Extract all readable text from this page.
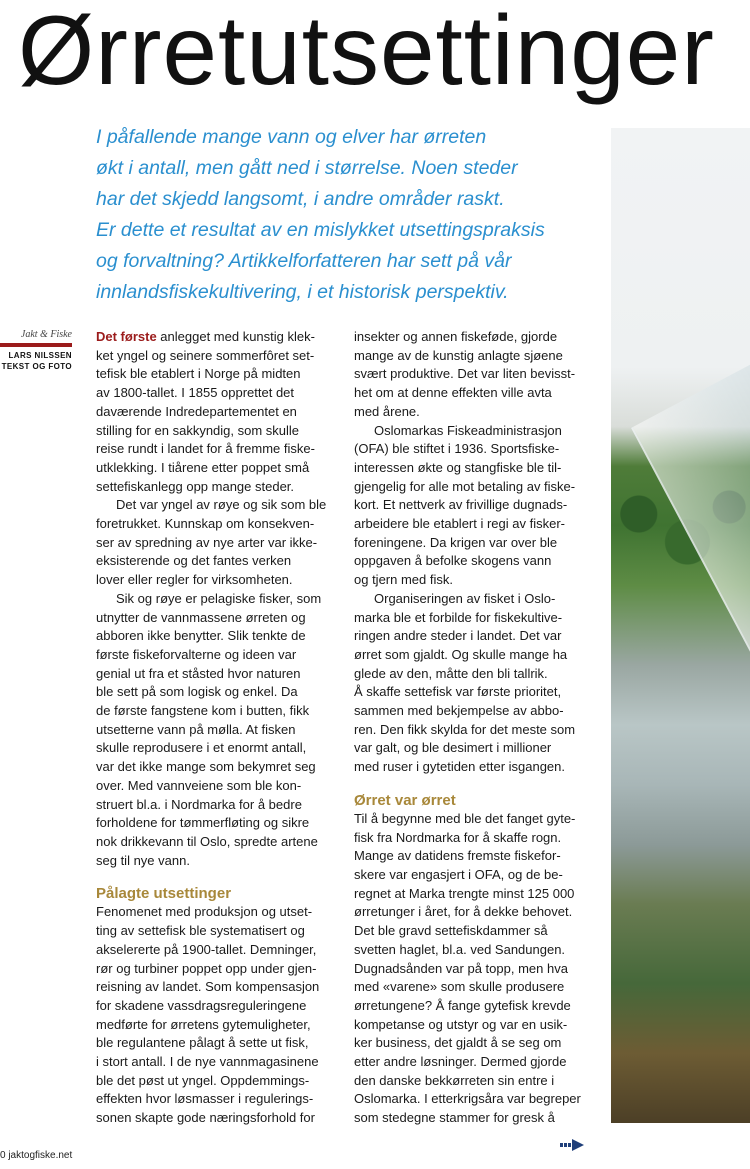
Ørretutsettinger
I påfallende mange vann og elver har ørreten
økt i antall, men gått ned i størrelse. Noen steder
har det skjedd langsomt, i andre områder raskt.
Er dette et resultat av en mislykket utsettingspraksis
og forvaltning? Artikkelforfatteren har sett på vår
innlandsfiskekultivering, i et historisk perspektiv.
Jakt & Fiske
LARS NILSSEN
TEKST OG FOTO

Det første anlegget med kunstig klek-
ket yngel og seinere sommerfôret set-
tefisk ble etablert i Norge på midten
av 1800-tallet. I 1855 opprettet det
daværende Indredepartementet en
stilling for en sakkyndig, som skulle
reise rundt i landet for å fremme fiske-
utklekking. I tiårene etter poppet små
settefiskanlegg opp mange steder.

Det var yngel av røye og sik som ble
foretrukket. Kunnskap om konsekven-
ser av spredning av nye arter var ikke-
eksisterende og det fantes verken
lover eller regler for virksomheten.

Sik og røye er pelagiske fisker, som
utnytter de vannmassene ørreten og
abboren ikke benytter. Slik tenkte de
første fiskeforvalterne og ideen var
genial ut fra et ståsted hvor naturen
ble sett på som logisk og enkel. Da
de første fangstene kom i butten, fikk
utsetterne vann på mølla. At fisken
skulle reprodusere i et enormt antall,
var det ikke mange som bekymret seg
over. Med vannveiene som ble kon-
struert bl.a. i Nordmarka for å bedre
forholdene for tømmerfløting og sikre
nok drikkevann til Oslo, spredte artene
seg til nye vann.

Pålagte utsettinger

Fenomenet med produksjon og utset-
ting av settefisk ble systematisert og
akselererte på 1900-tallet. Demninger,
rør og turbiner poppet opp under gjen-
reisning av landet. Som kompensasjon
for skadene vassdragsreguleringene
medførte for ørretens gytemuligheter,
ble regulantene pålagt å sette ut fisk,
i stort antall. I de nye vannmagasinene
ble det pøst ut yngel. Oppdemmings-
effekten hvor løsmasser i regulerings-
sonen skapte gode næringsforhold for

insekter og annen fiskeføde, gjorde
mange av de kunstig anlagte sjøene
svært produktive. Det var liten bevisst-
het om at denne effekten ville avta
med årene.

Oslomarkas Fiskeadministrasjon
(OFA) ble stiftet i 1936. Sportsfiske-
interessen økte og stangfiske ble til-
gjengelig for alle mot betaling av fiske-
kort. Et nettverk av frivillige dugnads-
arbeidere ble etablert i regi av fisker-
foreningene. Da krigen var over ble
oppgaven å befolke skogens vann
og tjern med fisk.

Organiseringen av fisket i Oslo-
marka ble et forbilde for fiskekultive-
ringen andre steder i landet. Det var
ørret som gjaldt. Og skulle mange ha
glede av den, måtte den bli tallrik.
Å skaffe settefisk var første prioritet,
sammen med bekjempelse av abbo-
ren. Den fikk skylda for det meste som
var galt, og ble desimert i millioner
med ruser i gytetiden etter isgangen.

Ørret var ørret

Til å begynne med ble det fanget gyte-
fisk fra Nordmarka for å skaffe rogn.
Mange av datidens fremste fiskefor-
skere var engasjert i OFA, og de be-
regnet at Marka trengte minst 125 000
ørretunger i året, for å dekke behovet.
Det ble gravd settefiskdammer så
svetten haglet, bl.a. ved Sandungen.
Dugnadsånden var på topp, men hva
med «varene» som skulle produsere
ørretungene? Å fange gytefisk krevde
kompetanse og utstyr og var en usik-
ker business, det gjaldt å se seg om
etter andre løsninger. Dermed gjorde
den danske bekkørreten sin entre i
Oslomarka. I etterkrigsåra var begreper
som stedegne stammer for gresk å

0 jaktogfiske.net
